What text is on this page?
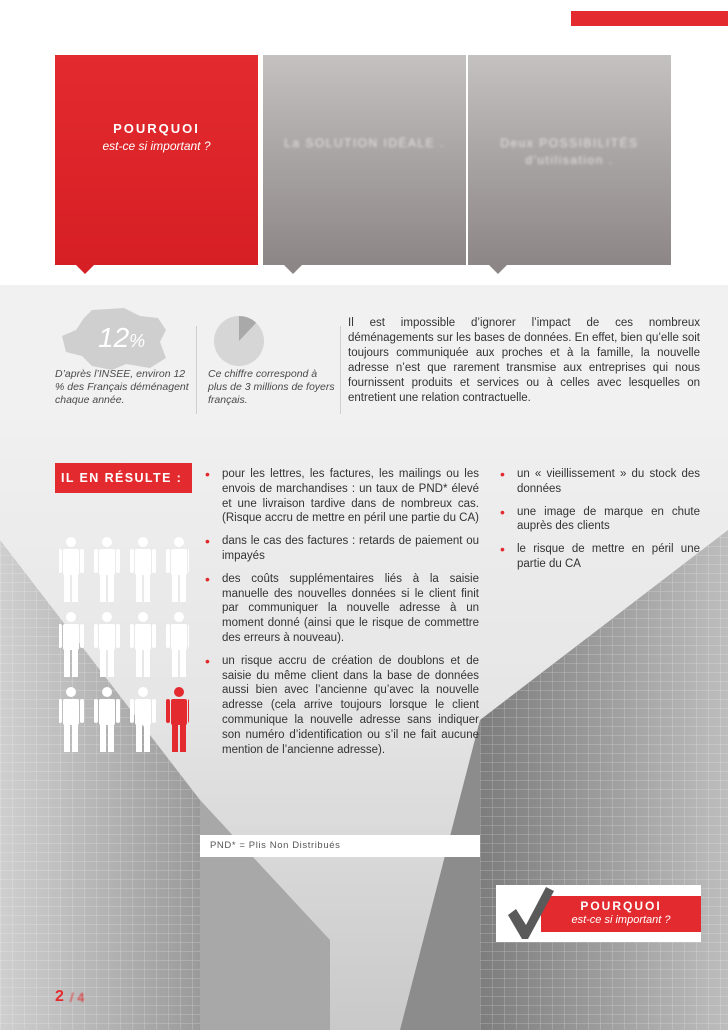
POURQUOI
est-ce si important ?	La SOLUTION IDÉALE .	Deux POSSIBILITÉS d'utilisation .
12%
D’après l’INSEE, environ 12 % des Français déménagent chaque année.
Ce chiffre correspond à plus de 3 millions de foyers français.
Il est impossible d’ignorer l’impact de ces nombreux déménagements sur les bases de données. En effet, bien qu’elle soit toujours communiquée aux proches et à la famille, la nouvelle adresse n’est que rarement transmise aux entreprises qui nous fournissent produits et services ou à celles avec lesquelles on entretient une relation contractuelle.
IL EN RÉSULTE :	• pour les lettres, les factures, les mailings ou les envois de marchandises : un taux de PND* élevé et une livraison tardive dans de nombreux cas. (Risque accru de mettre en péril une partie du CA)
• dans le cas des factures : retards de paiement ou impayés
• des coûts supplémentaires liés à la saisie manuelle des nouvelles données si le client finit par communiquer la nouvelle adresse à un moment donné (ainsi que le risque de commettre des erreurs à nouveau).
• un risque accru de création de doublons et de saisie du même client dans la base de données aussi bien avec l’ancienne qu’avec la nouvelle adresse (cela arrive toujours lorsque le client communique la nouvelle adresse sans indiquer son numéro d’identification ou s’il ne fait aucune mention de l’ancienne adresse).
• un « vieillissement » du stock des données
• une image de marque en chute auprès des clients
• le risque de mettre en péril une partie du CA
PND* = Plis Non Distribués
POURQUOI
est-ce si important ?
2 / 4
